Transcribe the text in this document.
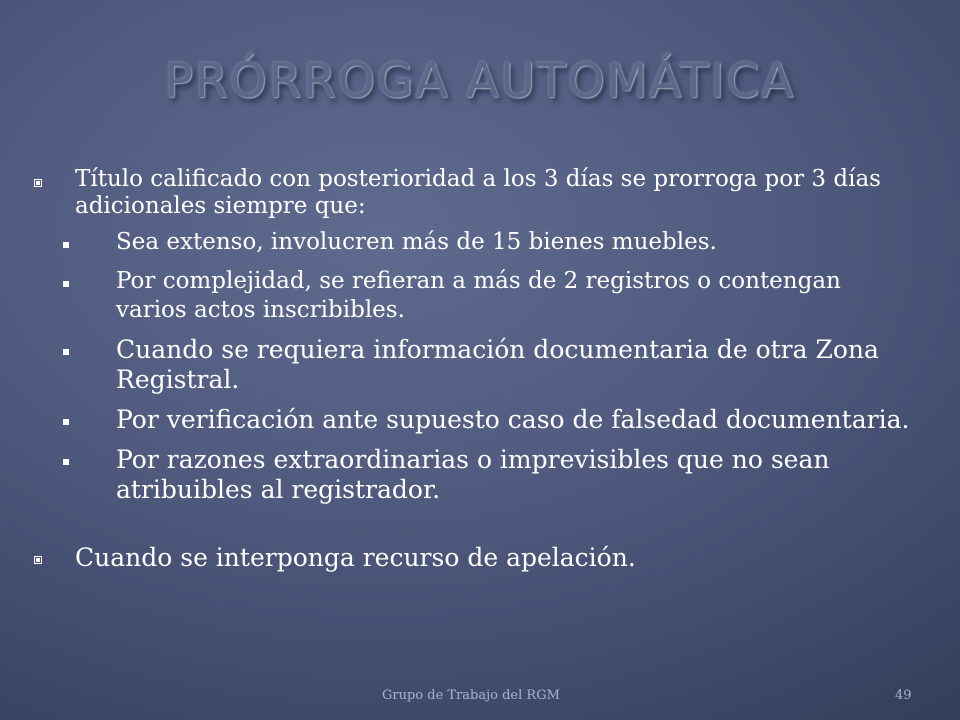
PRÓRROGA AUTOMÁTICA
Título calificado con posterioridad a los 3 días se prorroga por 3 días adicionales siempre que:
Sea extenso, involucren más de 15 bienes muebles.
Por complejidad, se refieran a más de 2 registros o contengan varios actos inscribibles.
Cuando se requiera información documentaria de otra Zona Registral.
Por verificación ante supuesto caso de falsedad documentaria.
Por razones extraordinarias o imprevisibles que no sean atribuibles al registrador.
Cuando se interponga recurso de apelación.
Grupo de Trabajo del RGM	49
